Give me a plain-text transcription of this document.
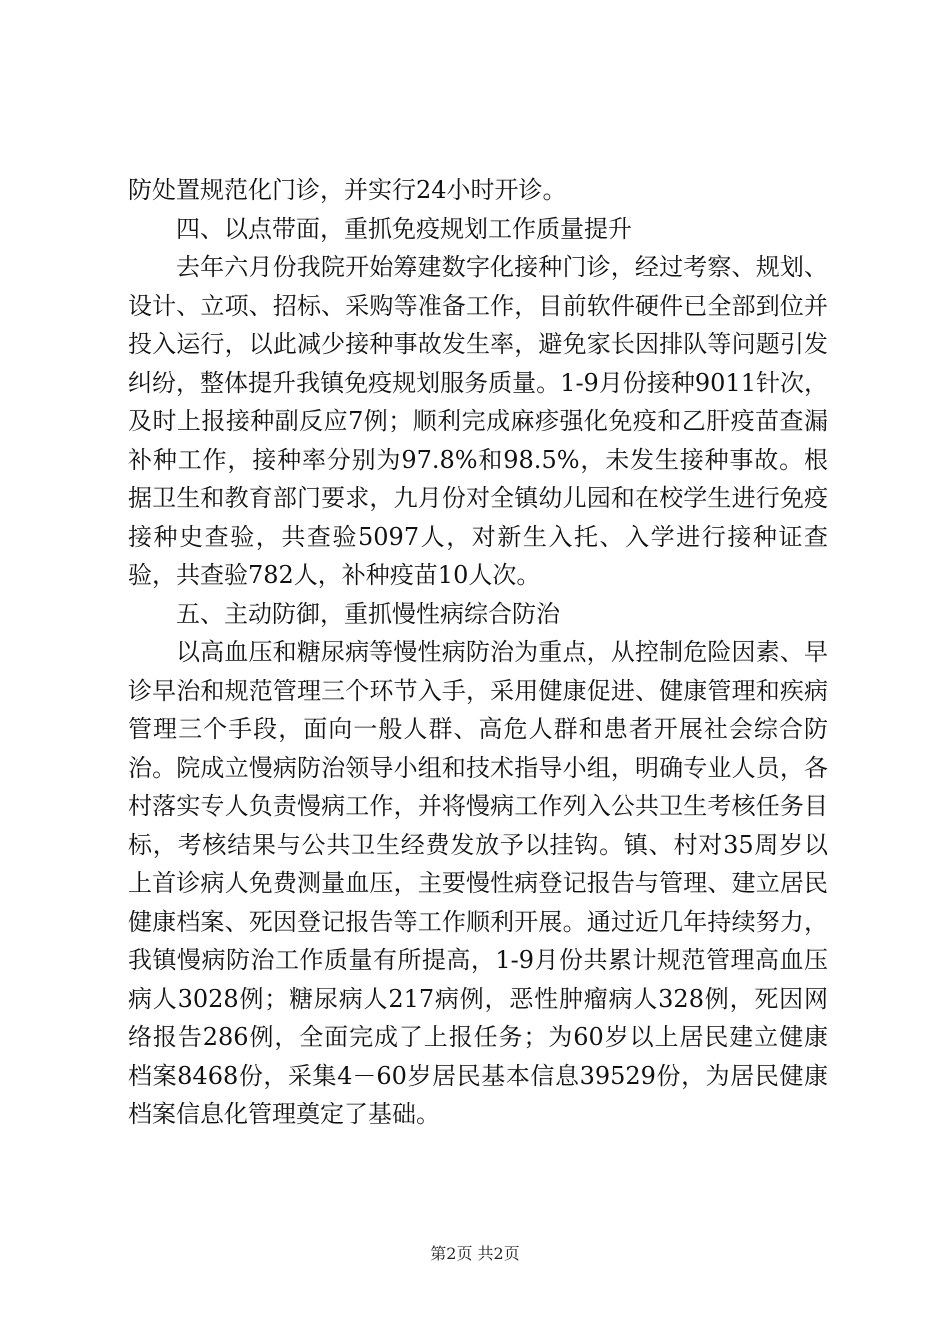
防处置规范化门诊，并实行24小时开诊。

四、以点带面，重抓免疫规划工作质量提升

去年六月份我院开始筹建数字化接种门诊，经过考察、规划、设计、立项、招标、采购等准备工作，目前软件硬件已全部到位并投入运行，以此减少接种事故发生率，避免家长因排队等问题引发纠纷，整体提升我镇免疫规划服务质量。1-9月份接种9011针次，及时上报接种副反应7例；顺利完成麻疹强化免疫和乙肝疫苗查漏补种工作，接种率分别为97.8%和98.5%，未发生接种事故。根据卫生和教育部门要求，九月份对全镇幼儿园和在校学生进行免疫接种史查验，共查验5097人，对新生入托、入学进行接种证查验，共查验782人，补种疫苗10人次。

五、主动防御，重抓慢性病综合防治

以高血压和糖尿病等慢性病防治为重点，从控制危险因素、早诊早治和规范管理三个环节入手，采用健康促进、健康管理和疾病管理三个手段，面向一般人群、高危人群和患者开展社会综合防治。院成立慢病防治领导小组和技术指导小组，明确专业人员，各村落实专人负责慢病工作，并将慢病工作列入公共卫生考核任务目标，考核结果与公共卫生经费发放予以挂钩。镇、村对35周岁以上首诊病人免费测量血压，主要慢性病登记报告与管理、建立居民健康档案、死因登记报告等工作顺利开展。通过近几年持续努力，我镇慢病防治工作质量有所提高，1-9月份共累计规范管理高血压病人3028例；糖尿病人217病例，恶性肿瘤病人328例，死因网络报告286例，全面完成了上报任务；为60岁以上居民建立健康档案8468份，采集4－60岁居民基本信息39529份，为居民健康档案信息化管理奠定了基础。

第2页 共2页
